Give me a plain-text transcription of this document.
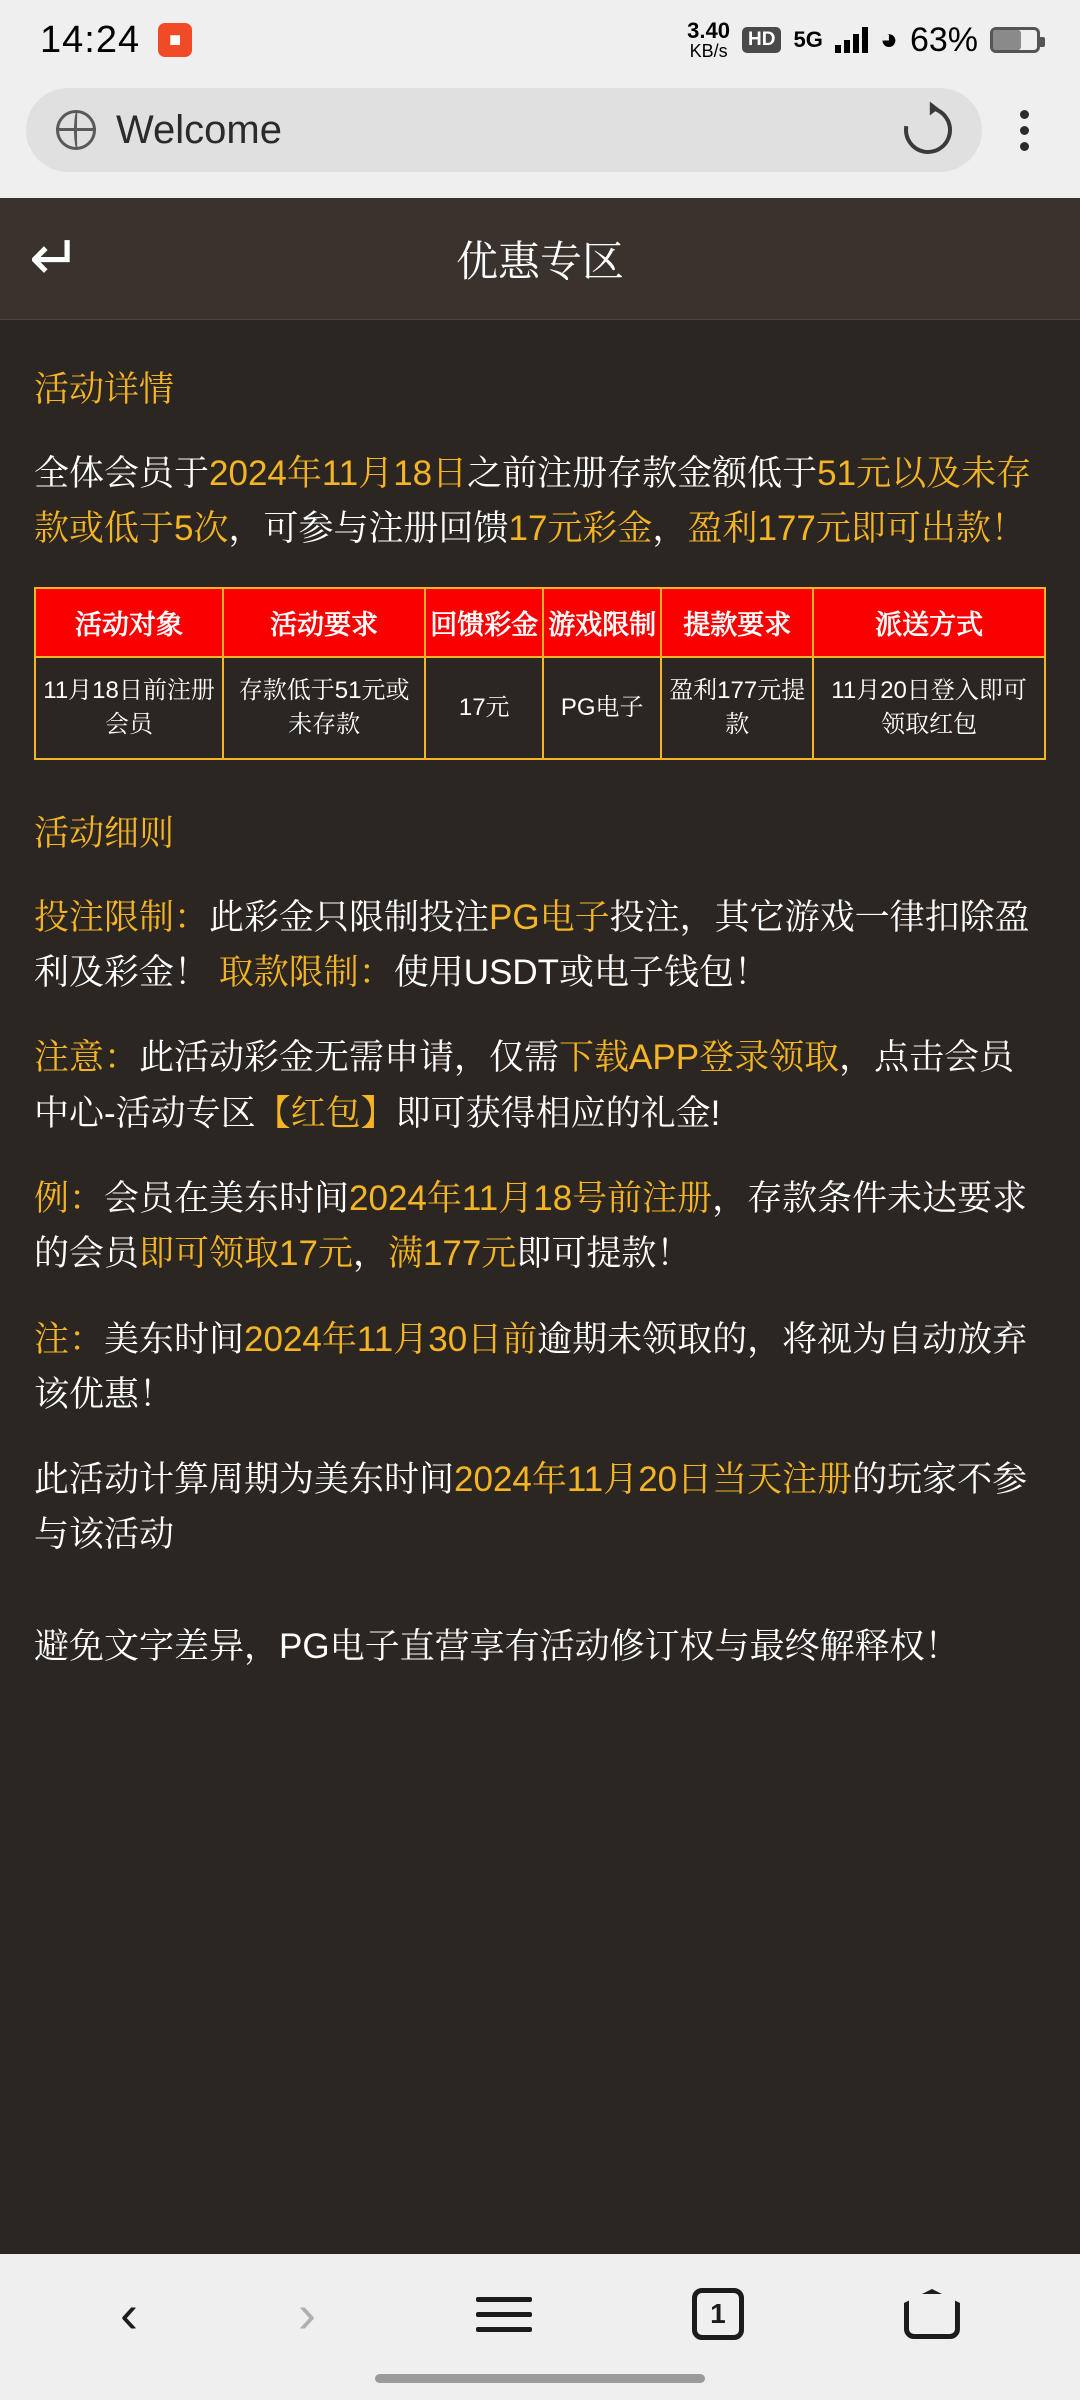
14:24	■	3.40
KB/s
HD 5G ◕ 63%
Welcome
↵	优惠专区
活动详情
全体会员于2024年11月18日之前注册存款金额低于51元以及未存款或低于5次，可参与注册回馈17元彩金，盈利177元即可出款！
活动对象	活动要求	回馈彩金	游戏限制	提款要求	派送方式
11月18日前注册会员	存款低于51元或未存款	17元	PG电子	盈利177元提款	11月20日登入即可领取红包
活动细则
投注限制：此彩金只限制投注PG电子投注，其它游戏一律扣除盈利及彩金！ 取款限制：使用USDT或电子钱包！
注意：此活动彩金无需申请，仅需下载APP登录领取，点击会员中心-活动专区【红包】即可获得相应的礼金!
例：会员在美东时间2024年11月18号前注册，存款条件未达要求的会员即可领取17元，满177元即可提款！
注：美东时间2024年11月30日前逾期未领取的，将视为自动放弃该优惠！
此活动计算周期为美东时间2024年11月20日当天注册的玩家不参与该活动
避免文字差异，PG电子直营享有活动修订权与最终解释权！
‹	›	1
